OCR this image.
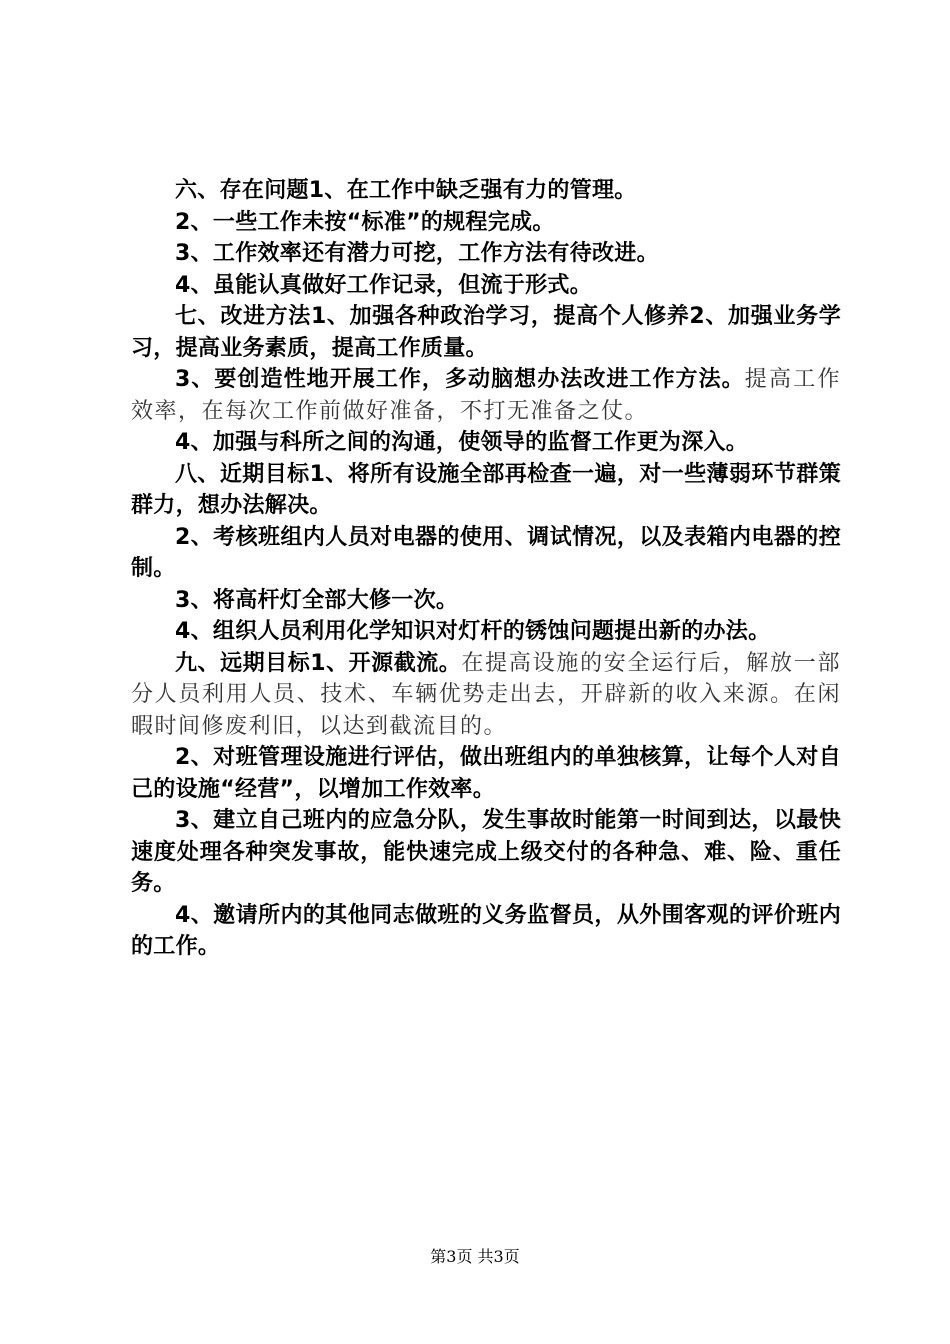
六、存在问题1、在工作中缺乏强有力的管理。

2、一些工作未按“标准”的规程完成。

3、工作效率还有潜力可挖，工作方法有待改进。

4、虽能认真做好工作记录，但流于形式。

七、改进方法1、加强各种政治学习，提高个人修养2、加强业务学习，提高业务素质，提高工作质量。

3、要创造性地开展工作，多动脑想办法改进工作方法。提高工作效率，在每次工作前做好准备，不打无准备之仗。

4、加强与科所之间的沟通，使领导的监督工作更为深入。

八、近期目标1、将所有设施全部再检查一遍，对一些薄弱环节群策群力，想办法解决。

2、考核班组内人员对电器的使用、调试情况，以及表箱内电器的控制。

3、将高杆灯全部大修一次。

4、组织人员利用化学知识对灯杆的锈蚀问题提出新的办法。

九、远期目标1、开源截流。在提高设施的安全运行后，解放一部分人员利用人员、技术、车辆优势走出去，开辟新的收入来源。在闲暇时间修废利旧，以达到截流目的。

2、对班管理设施进行评估，做出班组内的单独核算，让每个人对自己的设施“经营”，以增加工作效率。

3、建立自己班内的应急分队，发生事故时能第一时间到达，以最快速度处理各种突发事故，能快速完成上级交付的各种急、难、险、重任务。

4、邀请所内的其他同志做班的义务监督员，从外围客观的评价班内的工作。

第3页 共3页
